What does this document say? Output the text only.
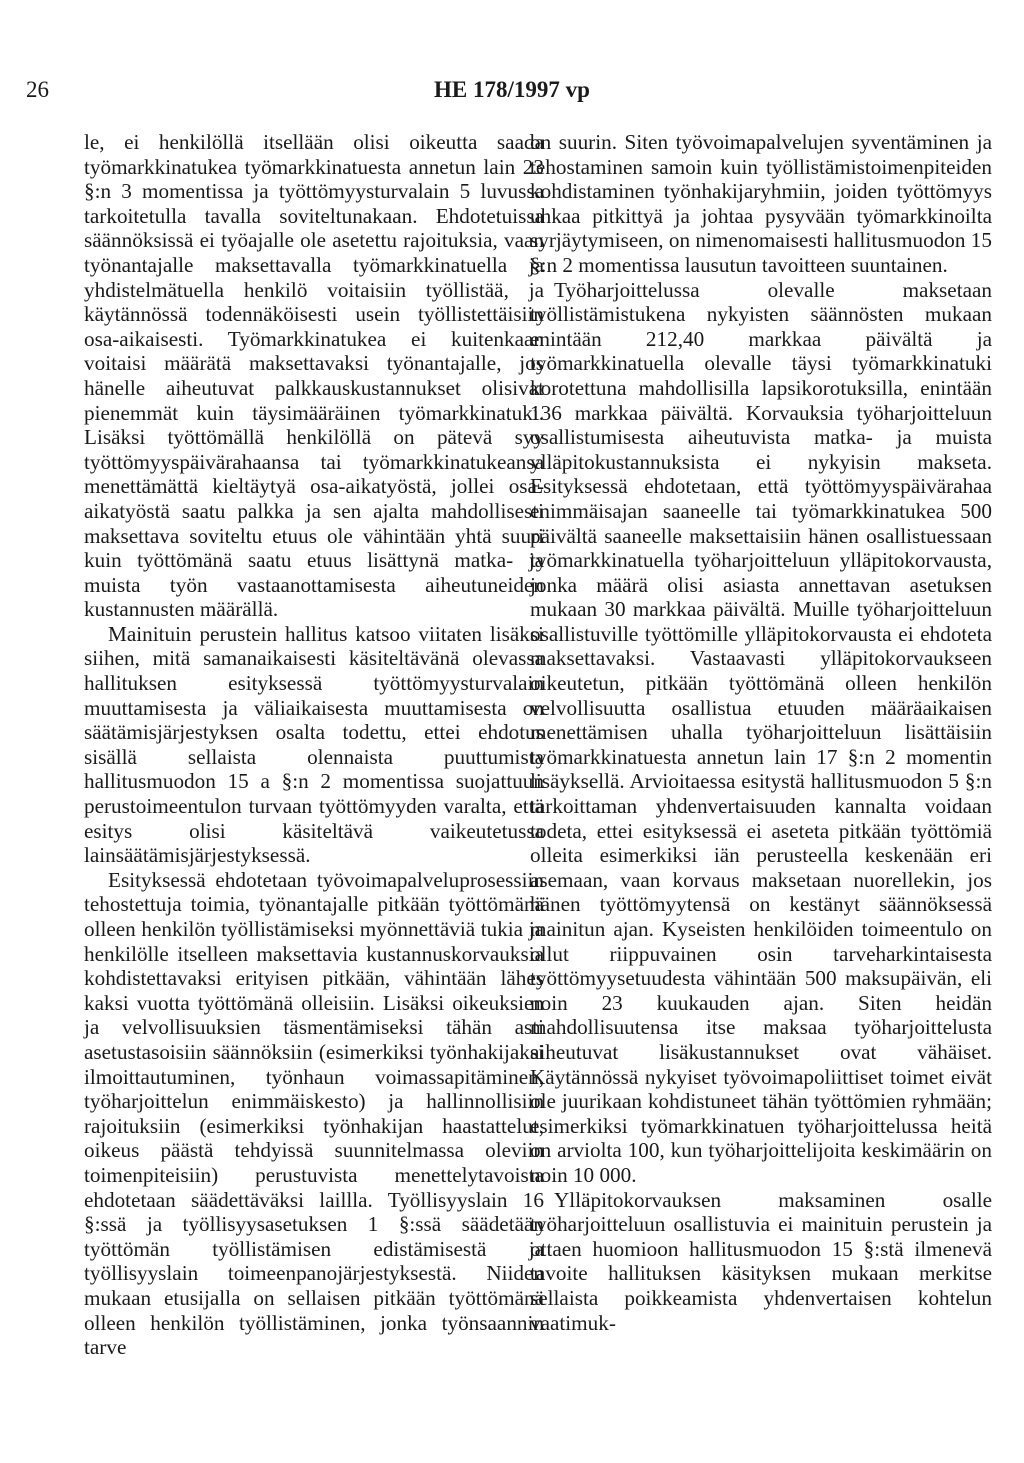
26	HE 178/1997 vp

le, ei henkilöllä itsellään olisi oikeutta saada työmarkkinatukea työmarkkinatuesta annetun lain 23 §:n 3 momentissa ja työttömyysturvalain 5 luvussa tarkoitetulla tavalla soviteltunakaan. Ehdotetuissa säännöksissä ei työajalle ole asetettu rajoituksia, vaan työnantajalle maksettavalla työmarkkinatuella ja yhdistelmätuella henkilö voitaisiin työllistää, ja käytännössä todennäköisesti usein työllistettäisiin osa-aikaisesti. Työmarkkinatukea ei kuitenkaan voitaisi määrätä maksettavaksi työnantajalle, jos hänelle aiheutuvat palkkauskustannukset olisivat pienemmät kuin täysimääräinen työmarkkinatuki. Lisäksi työttömällä henkilöllä on pätevä syy työttömyyspäivärahaansa tai työmarkkinatukeansa menettämättä kieltäytyä osa-aikatyöstä, jollei osa-aikatyöstä saatu palkka ja sen ajalta mahdollisesti maksettava soviteltu etuus ole vähintään yhtä suuri kuin työttömänä saatu etuus lisättynä matka- ja muista työn vastaanottamisesta aiheutuneiden kustannusten määrällä.

Mainituin perustein hallitus katsoo viitaten lisäksi siihen, mitä samanaikaisesti käsiteltävänä olevassa hallituksen esityksessä työttömyysturvalain muuttamisesta ja väliaikaisesta muuttamisesta on säätämisjärjestyksen osalta todettu, ettei ehdotus sisällä sellaista olennaista puuttumista hallitusmuodon 15 a §:n 2 momentissa suojattuun perustoimeentulon turvaan työttömyyden varalta, että esitys olisi käsiteltävä vaikeutetussa lainsäätämisjärjestyksessä.

Esityksessä ehdotetaan työvoimapalveluprosessiin tehostettuja toimia, työnantajalle pitkään työttömänä olleen henkilön työllistämiseksi myönnettäviä tukia ja henkilölle itselleen maksettavia kustannuskorvauksia kohdistettavaksi erityisen pitkään, vähintään lähes kaksi vuotta työttömänä olleisiin. Lisäksi oikeuksien ja velvollisuuksien täsmentämiseksi tähän asti asetustasoisiin säännöksiin (esimerkiksi työnhakijaksi ilmoittautuminen, työnhaun voimassapitäminen, työharjoittelun enimmäiskesto) ja hallinnollisiin rajoituksiin (esimerkiksi työnhakijan haastattelut, oikeus päästä tehdyissä suunnitelmassa oleviin toimenpiteisiin) perustuvista menettelytavoista ehdotetaan säädettäväksi laillla. Työllisyyslain 16 §:ssä ja työllisyysasetuksen 1 §:ssä säädetään työttömän työllistämisen edistämisestä ja työllisyyslain toimeenpanojärjestyksestä. Niiden mukaan etusijalla on sellaisen pitkään työttömänä olleen henkilön työllistäminen, jonka työnsaannin tarve

on suurin. Siten työvoimapalvelujen syventäminen ja tehostaminen samoin kuin työllistämistoimenpiteiden kohdistaminen työnhakijaryhmiin, joiden työttömyys uhkaa pitkittyä ja johtaa pysyvään työmarkkinoilta syrjäytymiseen, on nimenomaisesti hallitusmuodon 15 §:n 2 momentissa lausutun tavoitteen suuntainen.

Työharjoittelussa olevalle maksetaan työllistämistukena nykyisten säännösten mukaan enintään 212,40 markkaa päivältä ja työmarkkinatuella olevalle täysi työmarkkinatuki korotettuna mahdollisilla lapsikorotuksilla, enintään 136 markkaa päivältä. Korvauksia työharjoitteluun osallistumisesta aiheutuvista matka- ja muista ylläpitokustannuksista ei nykyisin makseta. Esityksessä ehdotetaan, että työttömyyspäivärahaa enimmäisajan saaneelle tai työmarkkinatukea 500 päivältä saaneelle maksettaisiin hänen osallistuessaan työmarkkinatuella työharjoitteluun ylläpitokorvausta, jonka määrä olisi asiasta annettavan asetuksen mukaan 30 markkaa päivältä. Muille työharjoitteluun osallistuville työttömille ylläpitokorvausta ei ehdoteta maksettavaksi. Vastaavasti ylläpitokorvaukseen oikeutetun, pitkään työttömänä olleen henkilön velvollisuutta osallistua etuuden määräaikaisen menettämisen uhalla työharjoitteluun lisättäisiin työmarkkinatuesta annetun lain 17 §:n 2 momentin lisäyksellä. Arvioitaessa esitystä hallitusmuodon 5 §:n tarkoittaman yhdenvertaisuuden kannalta voidaan todeta, ettei esityksessä ei aseteta pitkään työttömiä olleita esimerkiksi iän perusteella keskenään eri asemaan, vaan korvaus maksetaan nuorellekin, jos hänen työttömyytensä on kestänyt säännöksessä mainitun ajan. Kyseisten henkilöiden toimeentulo on ollut riippuvainen osin tarveharkintaisesta työttömyysetuudesta vähintään 500 maksupäivän, eli noin 23 kuukauden ajan. Siten heidän mahdollisuutensa itse maksaa työharjoittelusta aiheutuvat lisäkustannukset ovat vähäiset. Käytännössä nykyiset työvoimapoliittiset toimet eivät ole juurikaan kohdistuneet tähän työttömien ryhmään; esimerkiksi työmarkkinatuen työharjoittelussa heitä on arviolta 100, kun työharjoittelijoita keskimäärin on noin 10 000.

Ylläpitokorvauksen maksaminen osalle työharjoitteluun osallistuvia ei mainituin perustein ja ottaen huomioon hallitusmuodon 15 §:stä ilmenevä tavoite hallituksen käsityksen mukaan merkitse sellaista poikkeamista yhdenvertaisen kohtelun vaatimuk-
